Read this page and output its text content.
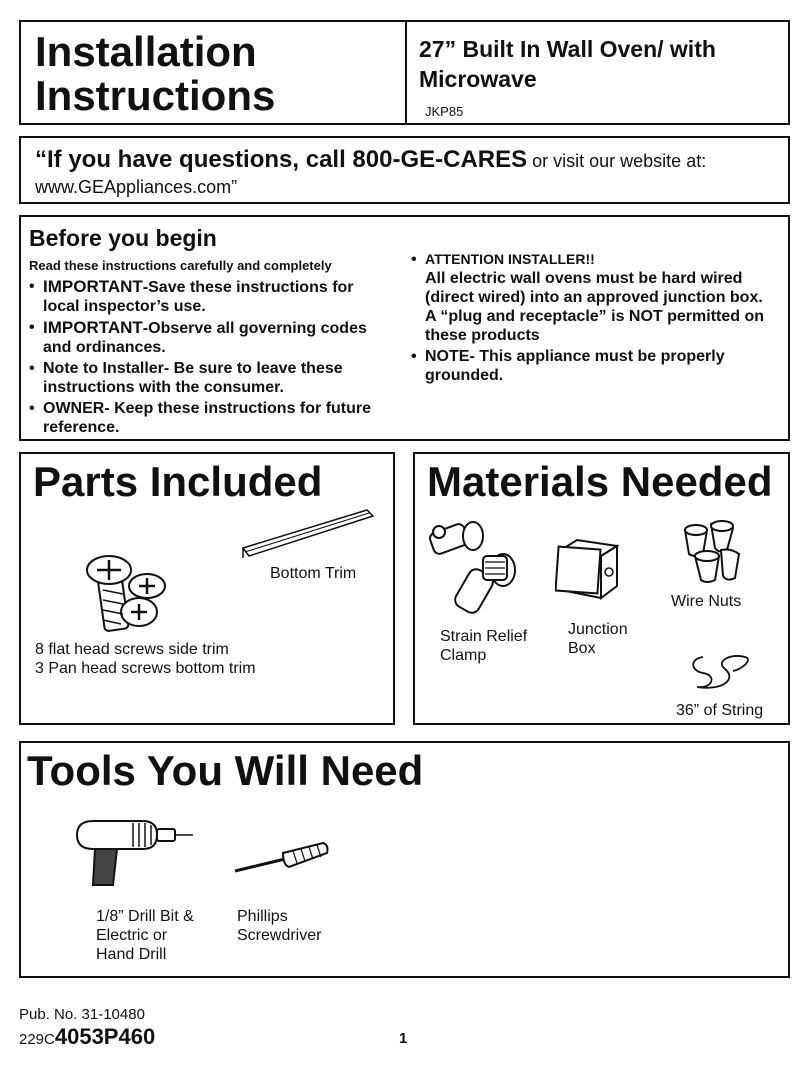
Installation
Instructions
27” Built In Wall Oven/ with
Microwave
JKP85
“If you have questions, call 800-GE-CARES or visit our website at:
www.GEAppliances.com”
Before you begin
Read these instructions carefully and completely
• IMPORTANT-Save these instructions for local inspector’s use.
• IMPORTANT-Observe all governing codes and ordinances.
• Note to Installer- Be sure to leave these instructions with the consumer.
• OWNER- Keep these instructions for future reference.
• ATTENTION INSTALLER!!
All electric wall ovens must be hard wired (direct wired) into an approved junction box. A “plug and receptacle” is NOT permitted on these products
• NOTE- This appliance must be properly grounded.
Parts Included
Bottom Trim
8 flat head screws side trim
3 Pan head screws bottom trim
Materials Needed
Strain Relief
Clamp
Junction
Box
Wire Nuts
36” of String
Tools You Will Need
1/8” Drill Bit &
Electric or
Hand Drill
Phillips
Screwdriver
Pub. No. 31-10480
229C4053P460	1
